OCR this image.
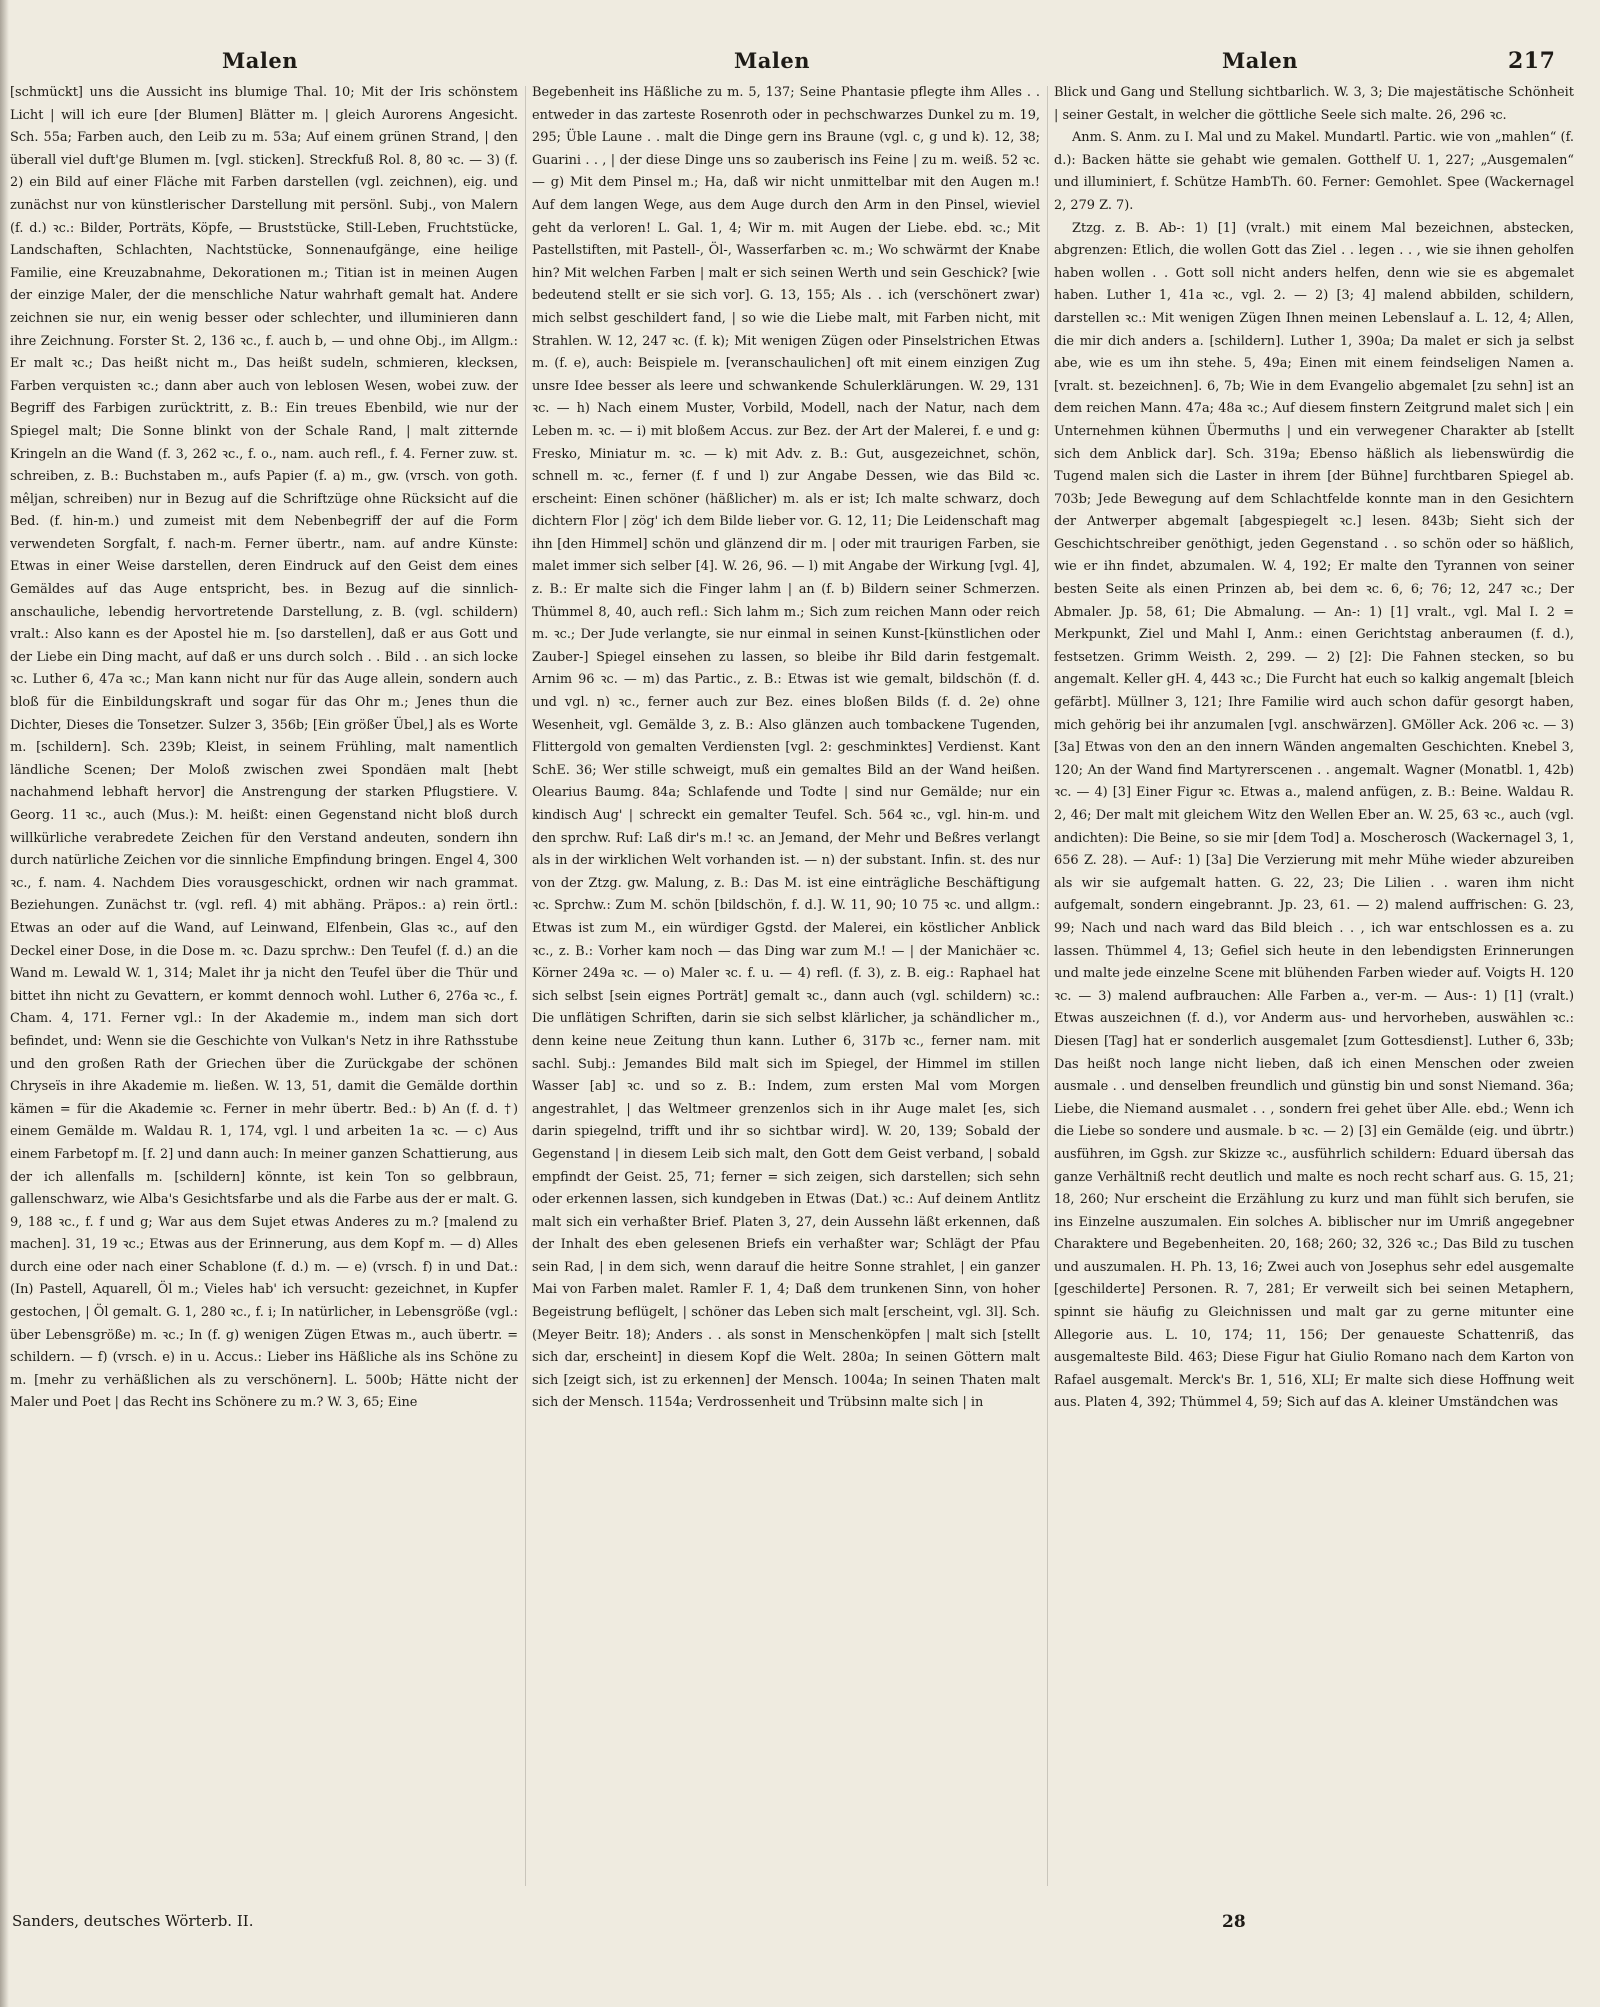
Malen	Malen	Malen	217

[schmückt] uns die Aussicht ins blumige Thal. 10; Mit der Iris schönstem Licht | will ich eure [der Blumen] Blätter m. | gleich Aurorens Angesicht. Sch. 55a; Farben auch, den Leib zu m. 53a; Auf einem grünen Strand, | den überall viel duft'ge Blumen m. [vgl. sticken]. Streckfuß Rol. 8, 80 ꝛc. — 3) (f. 2) ein Bild auf einer Fläche mit Farben darstellen (vgl. zeichnen), eig. und zunächst nur von künstlerischer Darstellung mit persönl. Subj., von Malern (f. d.) ꝛc.: Bilder, Porträts, Köpfe, — Bruststücke, Still-Leben, Fruchtstücke, Landschaften, Schlachten, Nachtstücke, Sonnenaufgänge, eine heilige Familie, eine Kreuzabnahme, Dekorationen m.; Titian ist in meinen Augen der einzige Maler, der die menschliche Natur wahrhaft gemalt hat. Andere zeichnen sie nur, ein wenig besser oder schlechter, und illuminieren dann ihre Zeichnung. Forster St. 2, 136 ꝛc., f. auch b, — und ohne Obj., im Allgm.: Er malt ꝛc.; Das heißt nicht m., Das heißt sudeln, schmieren, klecksen, Farben verquisten ꝛc.; dann aber auch von leblosen Wesen, wobei zuw. der Begriff des Farbigen zurücktritt, z. B.: Ein treues Ebenbild, wie nur der Spiegel malt; Die Sonne blinkt von der Schale Rand, | malt zitternde Kringeln an die Wand (f. 3, 262 ꝛc., f. o., nam. auch refl., f. 4. Ferner zuw. st. schreiben, z. B.: Buchstaben m., aufs Papier (f. a) m., gw. (vrsch. von goth. mêljan, schreiben) nur in Bezug auf die Schriftzüge ohne Rücksicht auf die Bed. (f. hin-m.) und zumeist mit dem Nebenbegriff der auf die Form verwendeten Sorgfalt, f. nach-m. Ferner übertr., nam. auf andre Künste: Etwas in einer Weise darstellen, deren Eindruck auf den Geist dem eines Gemäldes auf das Auge entspricht, bes. in Bezug auf die sinnlich-anschauliche, lebendig hervortretende Darstellung, z. B. (vgl. schildern) vralt.: Also kann es der Apostel hie m. [so darstellen], daß er aus Gott und der Liebe ein Ding macht, auf daß er uns durch solch . . Bild . . an sich locke ꝛc. Luther 6, 47a ꝛc.; Man kann nicht nur für das Auge allein, sondern auch bloß für die Einbildungskraft und sogar für das Ohr m.; Jenes thun die Dichter, Dieses die Tonsetzer. Sulzer 3, 356b; [Ein größer Übel,] als es Worte m. [schildern]. Sch. 239b; Kleist, in seinem Frühling, malt namentlich ländliche Scenen; Der Moloß zwischen zwei Spondäen malt [hebt nachahmend lebhaft hervor] die Anstrengung der starken Pflugstiere. V. Georg. 11 ꝛc., auch (Mus.): M. heißt: einen Gegenstand nicht bloß durch willkürliche verabredete Zeichen für den Verstand andeuten, sondern ihn durch natürliche Zeichen vor die sinnliche Empfindung bringen. Engel 4, 300 ꝛc., f. nam. 4. Nachdem Dies vorausgeschickt, ordnen wir nach grammat. Beziehungen. Zunächst tr. (vgl. refl. 4) mit abhäng. Präpos.: a) rein örtl.: Etwas an oder auf die Wand, auf Leinwand, Elfenbein, Glas ꝛc., auf den Deckel einer Dose, in die Dose m. ꝛc. Dazu sprchw.: Den Teufel (f. d.) an die Wand m. Lewald W. 1, 314; Malet ihr ja nicht den Teufel über die Thür und bittet ihn nicht zu Gevattern, er kommt dennoch wohl. Luther 6, 276a ꝛc., f. Cham. 4, 171. Ferner vgl.: In der Akademie m., indem man sich dort befindet, und: Wenn sie die Geschichte von Vulkan's Netz in ihre Rathsstube und den großen Rath der Griechen über die Zurückgabe der schönen Chryseïs in ihre Akademie m. ließen. W. 13, 51, damit die Gemälde dorthin kämen = für die Akademie ꝛc. Ferner in mehr übertr. Bed.: b) An (f. d. †) einem Gemälde m. Waldau R. 1, 174, vgl. l und arbeiten 1a ꝛc. — c) Aus einem Farbetopf m. [f. 2] und dann auch: In meiner ganzen Schattierung, aus der ich allenfalls m. [schildern] könnte, ist kein Ton so gelbbraun, gallenschwarz, wie Alba's Gesichtsfarbe und als die Farbe aus der er malt. G. 9, 188 ꝛc., f. f und g; War aus dem Sujet etwas Anderes zu m.? [malend zu machen]. 31, 19 ꝛc.; Etwas aus der Erinnerung, aus dem Kopf m. — d) Alles durch eine oder nach einer Schablone (f. d.) m. — e) (vrsch. f) in und Dat.: (In) Pastell, Aquarell, Öl m.; Vieles hab' ich versucht: gezeichnet, in Kupfer gestochen, | Öl gemalt. G. 1, 280 ꝛc., f. i; In natürlicher, in Lebensgröße (vgl.: über Lebensgröße) m. ꝛc.; In (f. g) wenigen Zügen Etwas m., auch übertr. = schildern. — f) (vrsch. e) in u. Accus.: Lieber ins Häßliche als ins Schöne zu m. [mehr zu verhäßlichen als zu verschönern]. L. 500b; Hätte nicht der Maler und Poet | das Recht ins Schönere zu m.? W. 3, 65; Eine

Begebenheit ins Häßliche zu m. 5, 137; Seine Phantasie pflegte ihm Alles . . entweder in das zarteste Rosenroth oder in pechschwarzes Dunkel zu m. 19, 295; Üble Laune . . malt die Dinge gern ins Braune (vgl. c, g und k). 12, 38; Guarini . . , | der diese Dinge uns so zauberisch ins Feine | zu m. weiß. 52 ꝛc. — g) Mit dem Pinsel m.; Ha, daß wir nicht unmittelbar mit den Augen m.! Auf dem langen Wege, aus dem Auge durch den Arm in den Pinsel, wieviel geht da verloren! L. Gal. 1, 4; Wir m. mit Augen der Liebe. ebd. ꝛc.; Mit Pastellstiften, mit Pastell-, Öl-, Wasserfarben ꝛc. m.; Wo schwärmt der Knabe hin? Mit welchen Farben | malt er sich seinen Werth und sein Geschick? [wie bedeutend stellt er sie sich vor]. G. 13, 155; Als . . ich (verschönert zwar) mich selbst geschildert fand, | so wie die Liebe malt, mit Farben nicht, mit Strahlen. W. 12, 247 ꝛc. (f. k); Mit wenigen Zügen oder Pinselstrichen Etwas m. (f. e), auch: Beispiele m. [veranschaulichen] oft mit einem einzigen Zug unsre Idee besser als leere und schwankende Schulerklärungen. W. 29, 131 ꝛc. — h) Nach einem Muster, Vorbild, Modell, nach der Natur, nach dem Leben m. ꝛc. — i) mit bloßem Accus. zur Bez. der Art der Malerei, f. e und g: Fresko, Miniatur m. ꝛc. — k) mit Adv. z. B.: Gut, ausgezeichnet, schön, schnell m. ꝛc., ferner (f. f und l) zur Angabe Dessen, wie das Bild ꝛc. erscheint: Einen schöner (häßlicher) m. als er ist; Ich malte schwarz, doch dichtern Flor | zög' ich dem Bilde lieber vor. G. 12, 11; Die Leidenschaft mag ihn [den Himmel] schön und glänzend dir m. | oder mit traurigen Farben, sie malet immer sich selber [4]. W. 26, 96. — l) mit Angabe der Wirkung [vgl. 4], z. B.: Er malte sich die Finger lahm | an (f. b) Bildern seiner Schmerzen. Thümmel 8, 40, auch refl.: Sich lahm m.; Sich zum reichen Mann oder reich m. ꝛc.; Der Jude verlangte, sie nur einmal in seinen Kunst-[künstlichen oder Zauber-] Spiegel einsehen zu lassen, so bleibe ihr Bild darin festgemalt. Arnim 96 ꝛc. — m) das Partic., z. B.: Etwas ist wie gemalt, bildschön (f. d. und vgl. n) ꝛc., ferner auch zur Bez. eines bloßen Bilds (f. d. 2e) ohne Wesenheit, vgl. Gemälde 3, z. B.: Also glänzen auch tombackene Tugenden, Flittergold von gemalten Verdiensten [vgl. 2: geschminktes] Verdienst. Kant SchE. 36; Wer stille schweigt, muß ein gemaltes Bild an der Wand heißen. Olearius Baumg. 84a; Schlafende und Todte | sind nur Gemälde; nur ein kindisch Aug' | schreckt ein gemalter Teufel. Sch. 564 ꝛc., vgl. hin-m. und den sprchw. Ruf: Laß dir's m.! ꝛc. an Jemand, der Mehr und Beßres verlangt als in der wirklichen Welt vorhanden ist. — n) der substant. Infin. st. des nur von der Ztzg. gw. Malung, z. B.: Das M. ist eine einträgliche Beschäftigung ꝛc. Sprchw.: Zum M. schön [bildschön, f. d.]. W. 11, 90; 10 75 ꝛc. und allgm.: Etwas ist zum M., ein würdiger Ggstd. der Malerei, ein köstlicher Anblick ꝛc., z. B.: Vorher kam noch — das Ding war zum M.! — | der Manichäer ꝛc. Körner 249a ꝛc. — o) Maler ꝛc. f. u. — 4) refl. (f. 3), z. B. eig.: Raphael hat sich selbst [sein eignes Porträt] gemalt ꝛc., dann auch (vgl. schildern) ꝛc.: Die unflätigen Schriften, darin sie sich selbst klärlicher, ja schändlicher m., denn keine neue Zeitung thun kann. Luther 6, 317b ꝛc., ferner nam. mit sachl. Subj.: Jemandes Bild malt sich im Spiegel, der Himmel im stillen Wasser [ab] ꝛc. und so z. B.: Indem, zum ersten Mal vom Morgen angestrahlet, | das Weltmeer grenzenlos sich in ihr Auge malet [es, sich darin spiegelnd, trifft und ihr so sichtbar wird]. W. 20, 139; Sobald der Gegenstand | in diesem Leib sich malt, den Gott dem Geist verband, | sobald empfindt der Geist. 25, 71; ferner = sich zeigen, sich darstellen; sich sehn oder erkennen lassen, sich kundgeben in Etwas (Dat.) ꝛc.: Auf deinem Antlitz malt sich ein verhaßter Brief. Platen 3, 27, dein Aussehn läßt erkennen, daß der Inhalt des eben gelesenen Briefs ein verhaßter war; Schlägt der Pfau sein Rad, | in dem sich, wenn darauf die heitre Sonne strahlet, | ein ganzer Mai von Farben malet. Ramler F. 1, 4; Daß dem trunkenen Sinn, von hoher Begeistrung beflügelt, | schöner das Leben sich malt [erscheint, vgl. 3l]. Sch. (Meyer Beitr. 18); Anders . . als sonst in Menschenköpfen | malt sich [stellt sich dar, erscheint] in diesem Kopf die Welt. 280a; In seinen Göttern malt sich [zeigt sich, ist zu erkennen] der Mensch. 1004a; In seinen Thaten malt sich der Mensch. 1154a; Verdrossenheit und Trübsinn malte sich | in

Blick und Gang und Stellung sichtbarlich. W. 3, 3; Die majestätische Schönheit | seiner Gestalt, in welcher die göttliche Seele sich malte. 26, 296 ꝛc.

Anm. S. Anm. zu I. Mal und zu Makel. Mundartl. Partic. wie von „mahlen“ (f. d.): Backen hätte sie gehabt wie gemalen. Gotthelf U. 1, 227; „Ausgemalen“ und illuminiert, f. Schütze HambTh. 60. Ferner: Gemohlet. Spee (Wackernagel 2, 279 Z. 7).

Ztzg. z. B. Ab-: 1) [1] (vralt.) mit einem Mal bezeichnen, abstecken, abgrenzen: Etlich, die wollen Gott das Ziel . . legen . . , wie sie ihnen geholfen haben wollen . . Gott soll nicht anders helfen, denn wie sie es abgemalet haben. Luther 1, 41a ꝛc., vgl. 2. — 2) [3; 4] malend abbilden, schildern, darstellen ꝛc.: Mit wenigen Zügen Ihnen meinen Lebenslauf a. L. 12, 4; Allen, die mir dich anders a. [schildern]. Luther 1, 390a; Da malet er sich ja selbst abe, wie es um ihn stehe. 5, 49a; Einen mit einem feindseligen Namen a. [vralt. st. bezeichnen]. 6, 7b; Wie in dem Evangelio abgemalet [zu sehn] ist an dem reichen Mann. 47a; 48a ꝛc.; Auf diesem finstern Zeitgrund malet sich | ein Unternehmen kühnen Übermuths | und ein verwegener Charakter ab [stellt sich dem Anblick dar]. Sch. 319a; Ebenso häßlich als liebenswürdig die Tugend malen sich die Laster in ihrem [der Bühne] furchtbaren Spiegel ab. 703b; Jede Bewegung auf dem Schlachtfelde konnte man in den Gesichtern der Antwerper abgemalt [abgespiegelt ꝛc.] lesen. 843b; Sieht sich der Geschichtschreiber genöthigt, jeden Gegenstand . . so schön oder so häßlich, wie er ihn findet, abzumalen. W. 4, 192; Er malte den Tyrannen von seiner besten Seite als einen Prinzen ab, bei dem ꝛc. 6, 6; 76; 12, 247 ꝛc.; Der Abmaler. Jp. 58, 61; Die Abmalung. — An-: 1) [1] vralt., vgl. Mal I. 2 = Merkpunkt, Ziel und Mahl I, Anm.: einen Gerichtstag anberaumen (f. d.), festsetzen. Grimm Weisth. 2, 299. — 2) [2]: Die Fahnen stecken, so bu angemalt. Keller gH. 4, 443 ꝛc.; Die Furcht hat euch so kalkig angemalt [bleich gefärbt]. Müllner 3, 121; Ihre Familie wird auch schon dafür gesorgt haben, mich gehörig bei ihr anzumalen [vgl. anschwärzen]. GMöller Ack. 206 ꝛc. — 3) [3a] Etwas von den an den innern Wänden angemalten Geschichten. Knebel 3, 120; An der Wand find Martyrerscenen . . angemalt. Wagner (Monatbl. 1, 42b) ꝛc. — 4) [3] Einer Figur ꝛc. Etwas a., malend anfügen, z. B.: Beine. Waldau R. 2, 46; Der malt mit gleichem Witz den Wellen Eber an. W. 25, 63 ꝛc., auch (vgl. andichten): Die Beine, so sie mir [dem Tod] a. Moscherosch (Wackernagel 3, 1, 656 Z. 28). — Auf-: 1) [3a] Die Verzierung mit mehr Mühe wieder abzureiben als wir sie aufgemalt hatten. G. 22, 23; Die Lilien . . waren ihm nicht aufgemalt, sondern eingebrannt. Jp. 23, 61. — 2) malend auffrischen: G. 23, 99; Nach und nach ward das Bild bleich . . , ich war entschlossen es a. zu lassen. Thümmel 4, 13; Gefiel sich heute in den lebendigsten Erinnerungen und malte jede einzelne Scene mit blühenden Farben wieder auf. Voigts H. 120 ꝛc. — 3) malend aufbrauchen: Alle Farben a., ver-m. — Aus-: 1) [1] (vralt.) Etwas auszeichnen (f. d.), vor Anderm aus- und hervorheben, auswählen ꝛc.: Diesen [Tag] hat er sonderlich ausgemalet [zum Gottesdienst]. Luther 6, 33b; Das heißt noch lange nicht lieben, daß ich einen Menschen oder zweien ausmale . . und denselben freundlich und günstig bin und sonst Niemand. 36a; Liebe, die Niemand ausmalet . . , sondern frei gehet über Alle. ebd.; Wenn ich die Liebe so sondere und ausmale. b ꝛc. — 2) [3] ein Gemälde (eig. und übrtr.) ausführen, im Ggsh. zur Skizze ꝛc., ausführlich schildern: Eduard übersah das ganze Verhältniß recht deutlich und malte es noch recht scharf aus. G. 15, 21; 18, 260; Nur erscheint die Erzählung zu kurz und man fühlt sich berufen, sie ins Einzelne auszumalen. Ein solches A. biblischer nur im Umriß angegebner Charaktere und Begebenheiten. 20, 168; 260; 32, 326 ꝛc.; Das Bild zu tuschen und auszumalen. H. Ph. 13, 16; Zwei auch von Josephus sehr edel ausgemalte [geschilderte] Personen. R. 7, 281; Er verweilt sich bei seinen Metaphern, spinnt sie häufig zu Gleichnissen und malt gar zu gerne mitunter eine Allegorie aus. L. 10, 174; 11, 156; Der genaueste Schattenriß, das ausgemalteste Bild. 463; Diese Figur hat Giulio Romano nach dem Karton von Rafael ausgemalt. Merck's Br. 1, 516, XLI; Er malte sich diese Hoffnung weit aus. Platen 4, 392; Thümmel 4, 59; Sich auf das A. kleiner Umständchen was

Sanders, deutsches Wörterb. II.	28
